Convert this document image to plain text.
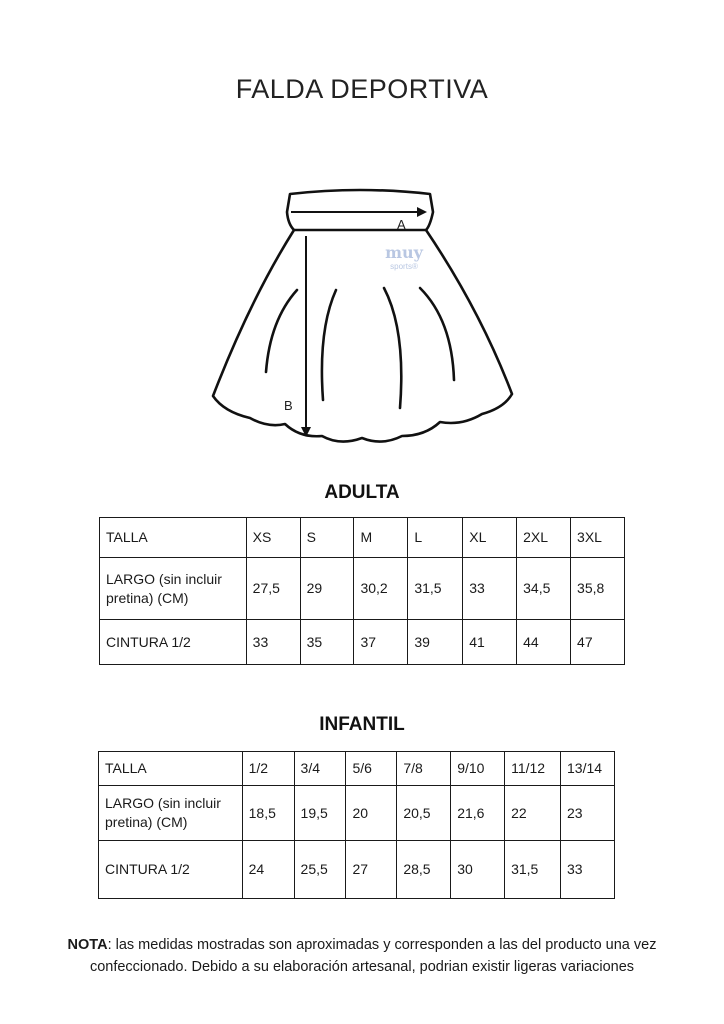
FALDA DEPORTIVA
A
B
muy
sports®
ADULTA
TALLA	XS	S	M	L	XL	2XL	3XL
LARGO (sin incluir
pretina) (CM)	27,5	29	30,2	31,5	33	34,5	35,8
CINTURA 1/2	33	35	37	39	41	44	47
INFANTIL
TALLA	1/2	3/4	5/6	7/8	9/10	11/12	13/14
LARGO (sin incluir
pretina) (CM)	18,5	19,5	20	20,5	21,6	22	23
CINTURA 1/2	24	25,5	27	28,5	30	31,5	33
NOTA: las medidas mostradas son aproximadas y corresponden a las del producto una vez
confeccionado. Debido a su elaboración artesanal, podrian existir ligeras variaciones
